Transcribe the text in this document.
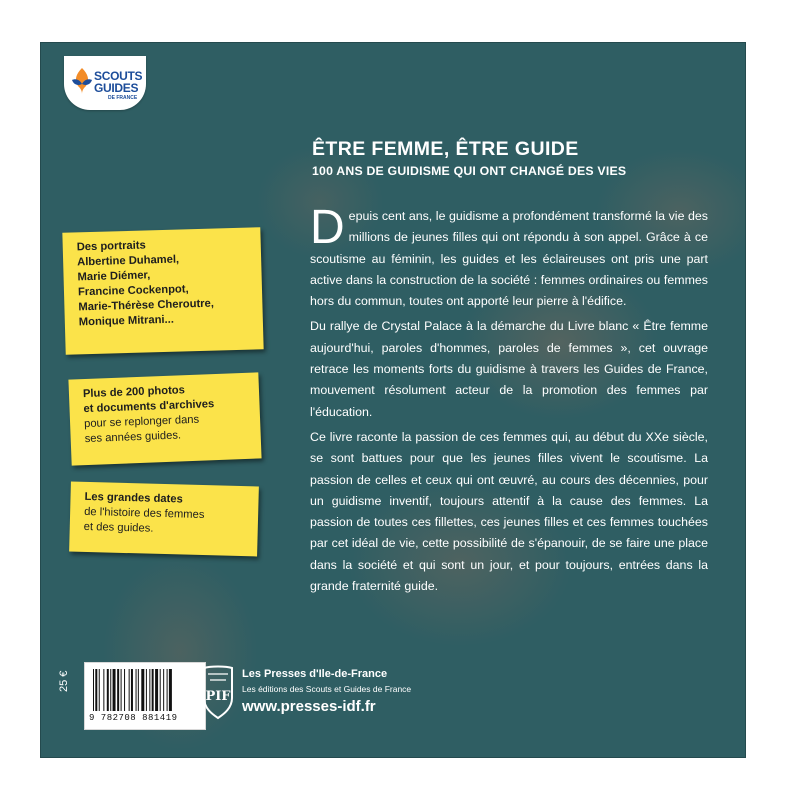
SCOUTS
GUIDES
DE FRANCE
ÊTRE FEMME, ÊTRE GUIDE
100 ANS DE GUIDISME QUI ONT CHANGÉ DES VIES

Depuis cent ans, le guidisme a profondément transformé la vie des millions de jeunes filles qui ont répondu à son appel. Grâce à ce scoutisme au féminin, les guides et les éclaireuses ont pris une part active dans la construction de la société : femmes ordinaires ou femmes hors du commun, toutes ont apporté leur pierre à l'édifice.

Du rallye de Crystal Palace à la démarche du Livre blanc « Être femme aujourd'hui, paroles d'hommes, paroles de femmes », cet ouvrage retrace les moments forts du guidisme à travers les Guides de France, mouvement résolument acteur de la promotion des femmes par l'éducation.

Ce livre raconte la passion de ces femmes qui, au début du XXe siècle, se sont battues pour que les jeunes filles vivent le scoutisme. La passion de celles et ceux qui ont œuvré, au cours des décennies, pour un guidisme inventif, toujours attentif à la cause des femmes. La passion de toutes ces fillettes, ces jeunes filles et ces femmes touchées par cet idéal de vie, cette possibilité de s'épanouir, de se faire une place dans la société et qui sont un jour, et pour toujours, entrées dans la grande fraternité guide.

Des portraits
Albertine Duhamel,
Marie Diémer,
Francine Cockenpot,
Marie-Thérèse Cheroutre,
Monique Mitrani...
Plus de 200 photos
et documents d'archives
pour se replonger dans
ses années guides.
Les grandes dates
de l'histoire des femmes
et des guides.
9 782708 881419
25 €
PIF
Les Presses d'Ile-de-France
Les éditions des Scouts et Guides de France
www.presses-idf.fr
